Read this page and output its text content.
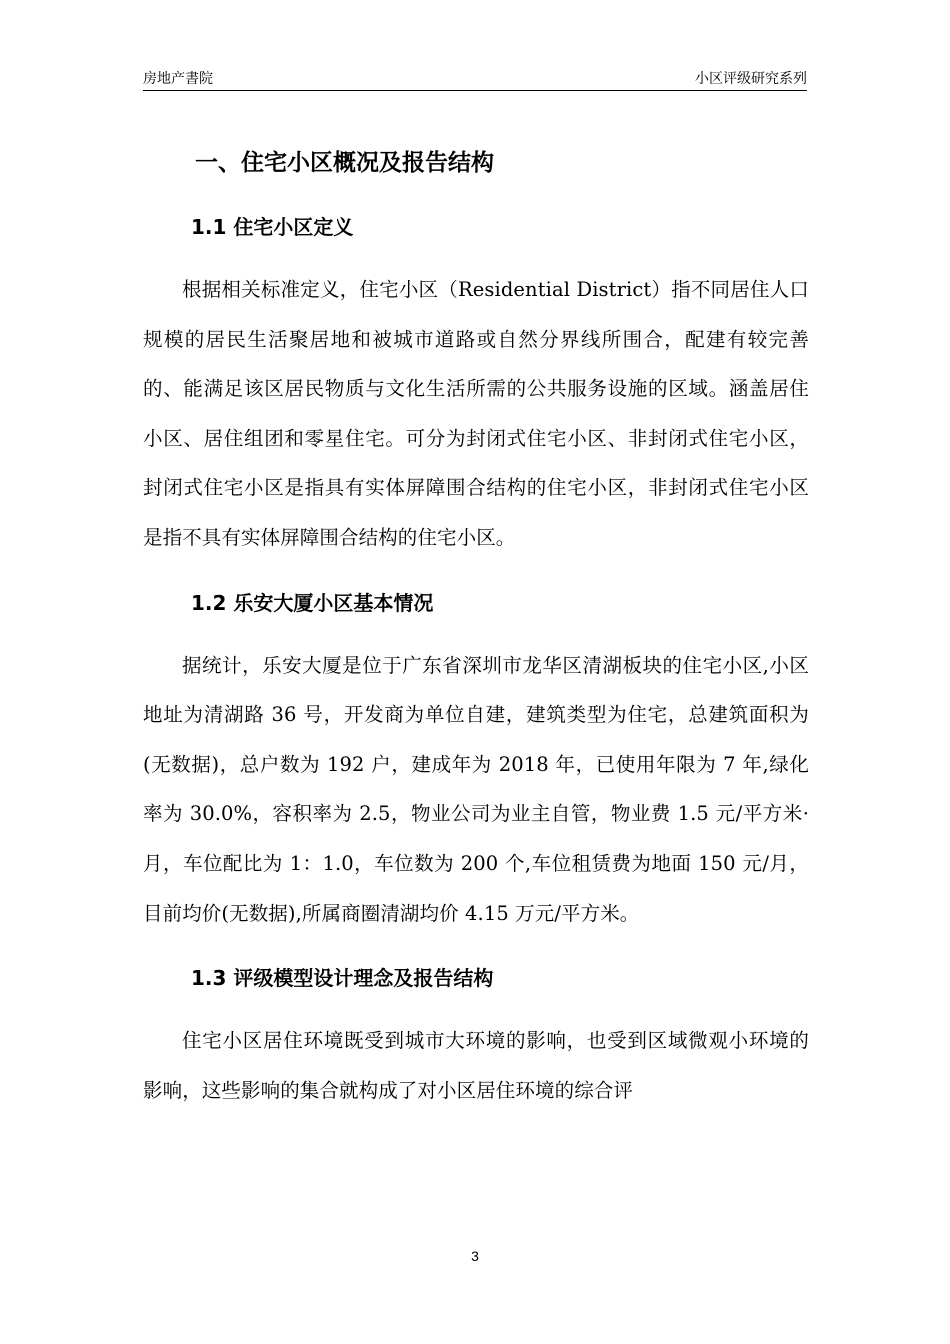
房地产書院	小区评级研究系列
一、住宅小区概况及报告结构
1.1 住宅小区定义

根据相关标准定义，住宅小区（Residential District）指不同居住人口规模的居民生活聚居地和被城市道路或自然分界线所围合，配建有较完善的、能满足该区居民物质与文化生活所需的公共服务设施的区域。涵盖居住小区、居住组团和零星住宅。可分为封闭式住宅小区、非封闭式住宅小区，封闭式住宅小区是指具有实体屏障围合结构的住宅小区，非封闭式住宅小区是指不具有实体屏障围合结构的住宅小区。

1.2 乐安大厦小区基本情况

据统计，乐安大厦是位于广东省深圳市龙华区清湖板块的住宅小区,小区地址为清湖路 36 号，开发商为单位自建，建筑类型为住宅，总建筑面积为(无数据)，总户数为 192 户，建成年为 2018 年，已使用年限为 7 年,绿化率为 30.0%，容积率为 2.5，物业公司为业主自管，物业费 1.5 元/平方米·月，车位配比为 1：1.0，车位数为 200 个,车位租赁费为地面 150 元/月，目前均价(无数据),所属商圈清湖均价 4.15 万元/平方米。

1.3 评级模型设计理念及报告结构

住宅小区居住环境既受到城市大环境的影响，也受到区域微观小环境的影响，这些影响的集合就构成了对小区居住环境的综合评

3
